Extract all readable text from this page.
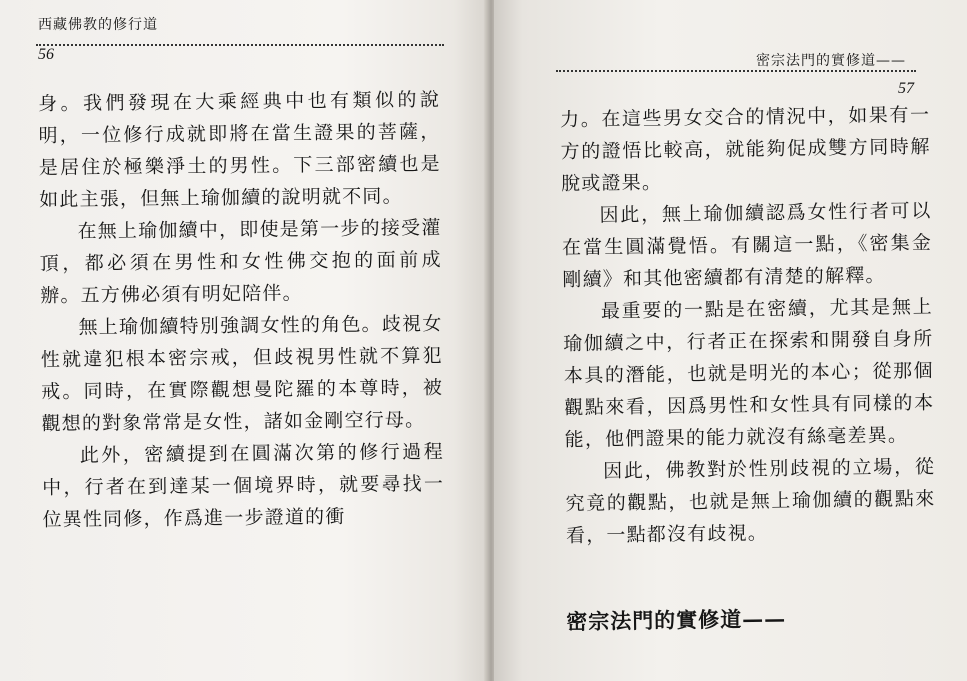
西藏佛教的修行道
56

身。我們發現在大乘經典中也有類似的說明，一位修行成就即將在當生證果的菩薩，是居住於極樂淨土的男性。下三部密續也是如此主張，但無上瑜伽續的說明就不同。

在無上瑜伽續中，即使是第一步的接受灌頂，都必須在男性和女性佛交抱的面前成辦。五方佛必須有明妃陪伴。

無上瑜伽續特別強調女性的角色。歧視女性就違犯根本密宗戒，但歧視男性就不算犯戒。同時，在實際觀想曼陀羅的本尊時，被觀想的對象常常是女性，諸如金剛空行母。

此外，密續提到在圓滿次第的修行過程中，行者在到達某一個境界時，就要尋找一位異性同修，作爲進一步證道的衝

密宗法門的實修道——
57

力。在這些男女交合的情況中，如果有一方的證悟比較高，就能夠促成雙方同時解脫或證果。

因此，無上瑜伽續認爲女性行者可以在當生圓滿覺悟。有關這一點，《密集金剛續》和其他密續都有清楚的解釋。

最重要的一點是在密續，尤其是無上瑜伽續之中，行者正在探索和開發自身所本具的潛能，也就是明光的本心；從那個觀點來看，因爲男性和女性具有同樣的本能，他們證果的能力就沒有絲毫差異。

因此，佛教對於性別歧視的立場，從究竟的觀點，也就是無上瑜伽續的觀點來看，一點都沒有歧視。

密宗法門的實修道——
